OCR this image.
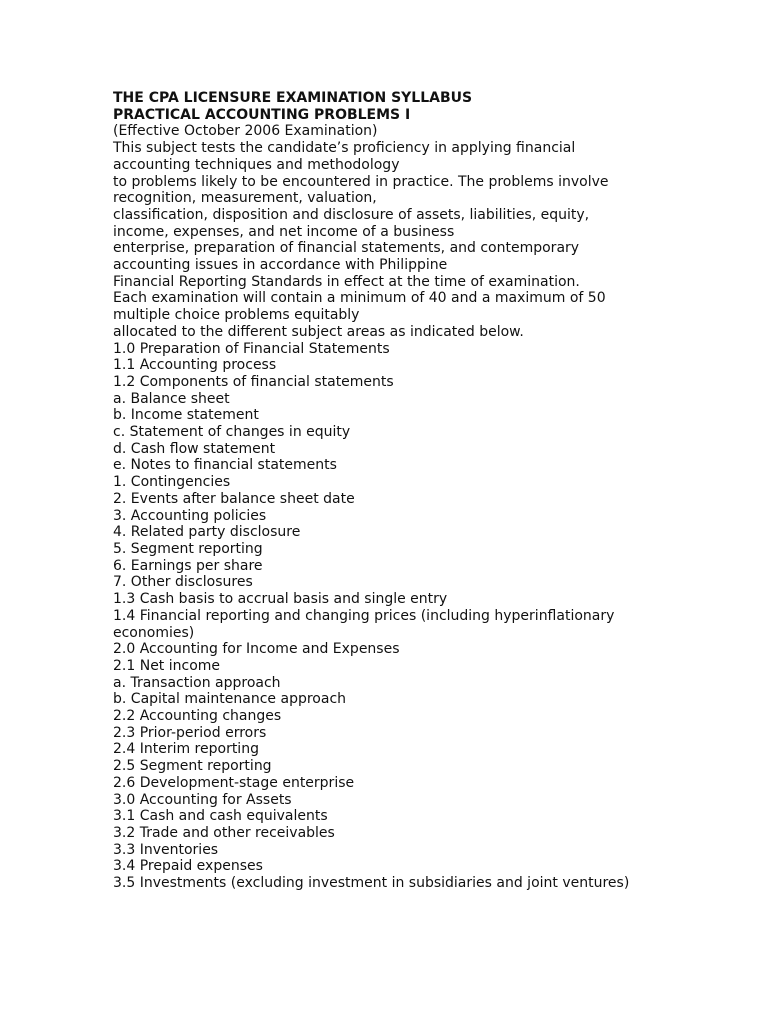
THE CPA LICENSURE EXAMINATION SYLLABUS
PRACTICAL ACCOUNTING PROBLEMS I
(Effective October 2006 Examination)
This subject tests the candidate’s proficiency in applying financial
accounting techniques and methodology
to problems likely to be encountered in practice. The problems involve
recognition, measurement, valuation,
classification, disposition and disclosure of assets, liabilities, equity,
income, expenses, and net income of a business
enterprise, preparation of financial statements, and contemporary
accounting issues in accordance with Philippine
Financial Reporting Standards in effect at the time of examination.
Each examination will contain a minimum of 40 and a maximum of 50
multiple choice problems equitably
allocated to the different subject areas as indicated below.
1.0 Preparation of Financial Statements
1.1 Accounting process
1.2 Components of financial statements
a. Balance sheet
b. Income statement
c. Statement of changes in equity
d. Cash flow statement
e. Notes to financial statements
1. Contingencies
2. Events after balance sheet date
3. Accounting policies
4. Related party disclosure
5. Segment reporting
6. Earnings per share
7. Other disclosures
1.3 Cash basis to accrual basis and single entry
1.4 Financial reporting and changing prices (including hyperinflationary
economies)
2.0 Accounting for Income and Expenses
2.1 Net income
a. Transaction approach
b. Capital maintenance approach
2.2 Accounting changes
2.3 Prior-period errors
2.4 Interim reporting
2.5 Segment reporting
2.6 Development-stage enterprise
3.0 Accounting for Assets
3.1 Cash and cash equivalents
3.2 Trade and other receivables
3.3 Inventories
3.4 Prepaid expenses
3.5 Investments (excluding investment in subsidiaries and joint ventures)
